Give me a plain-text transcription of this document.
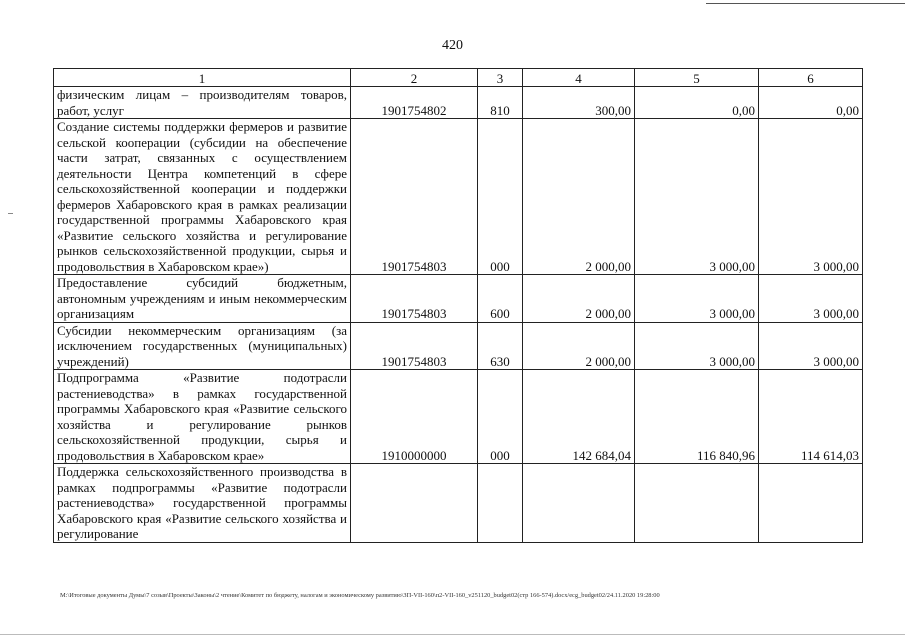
420
1	2	3	4	5	6
физическим лицам – производителям товаров, работ, услуг	1901754802	810	300,00	0,00	0,00
Создание системы поддержки фермеров и развитие сельской кооперации (субсидии на обеспечение части затрат, связанных с осуществлением деятельности Центра компетенций в сфере сельскохозяйственной кооперации и поддержки фермеров Хабаровского края в рамках реализации государственной программы Хабаровского края «Развитие сельского хозяйства и регулирование рынков сельскохозяйственной продукции, сырья и продовольствия в Хабаровском крае»)	1901754803	000	2 000,00	3 000,00	3 000,00
Предоставление субсидий бюджетным, автономным учреждениям и иным некоммерческим организациям	1901754803	600	2 000,00	3 000,00	3 000,00
Субсидии некоммерческим организациям (за исключением государственных (муниципальных) учреждений)	1901754803	630	2 000,00	3 000,00	3 000,00
Подпрограмма «Развитие подотрасли растениеводства» в рамках государственной программы Хабаровского края «Развитие сельского хозяйства и регулирование рынков сельскохозяйственной продукции, сырья и продовольствия в Хабаровском крае»	1910000000	000	142 684,04	116 840,96	114 614,03
Поддержка сельскохозяйственного производства в рамках подпрограммы «Развитие подотрасли растениеводства» государственной программы Хабаровского края «Развитие сельского хозяйства и регулирование					
M:\Итоговые документы Думы\7 созыв\Проекты\Законы\2 чтение\Комитет по бюджету, налогам и экономическому развитию\ЗП-VII-160\п2-VII-160_v251120_budget02(стр 166-574).docx/ecg_budget02/24.11.2020 19:28:00
